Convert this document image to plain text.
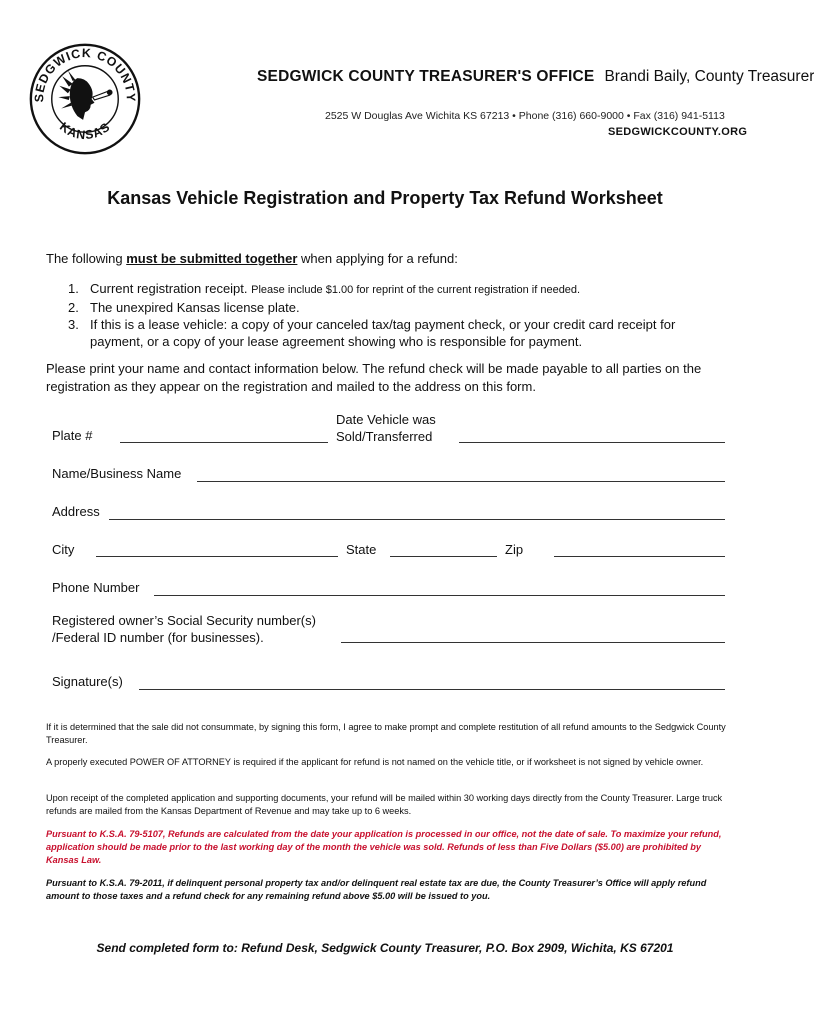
SEDGWICK COUNTY
KANSAS
SEDGWICK COUNTY TREASURER'S OFFICE Brandi Baily, County Treasurer
2525 W Douglas Ave Wichita KS 67213 • Phone (316) 660-9000 • Fax (316) 941-5113
SEDGWICKCOUNTY.ORG
Kansas Vehicle Registration and Property Tax Refund Worksheet
The following must be submitted together when applying for a refund:
1. Current registration receipt. Please include $1.00 for reprint of the current registration if needed.
2. The unexpired Kansas license plate.
3. If this is a lease vehicle: a copy of your canceled tax/tag payment check, or your credit card receipt for payment, or a copy of your lease agreement showing who is responsible for payment.
Please print your name and contact information below. The refund check will be made payable to all parties on the registration as they appear on the registration and mailed to the address on this form.
Plate #
Date Vehicle was
Sold/Transferred
Name/Business Name
Address
City	State	Zip
Phone Number
Registered owner’s Social Security number(s)
/Federal ID number (for businesses).
Signature(s)
If it is determined that the sale did not consummate, by signing this form, I agree to make prompt and complete restitution of all refund amounts to the Sedgwick County Treasurer.
A properly executed POWER OF ATTORNEY is required if the applicant for refund is not named on the vehicle title, or if worksheet is not signed by vehicle owner.
Upon receipt of the completed application and supporting documents, your refund will be mailed within 30 working days directly from the County Treasurer. Large truck refunds are mailed from the Kansas Department of Revenue and may take up to 6 weeks.
Pursuant to K.S.A. 79-5107, Refunds are calculated from the date your application is processed in our office, not the date of sale. To maximize your refund, application should be made prior to the last working day of the month the vehicle was sold. Refunds of less than Five Dollars ($5.00) are prohibited by Kansas Law.
Pursuant to K.S.A. 79-2011, if delinquent personal property tax and/or delinquent real estate tax are due, the County Treasurer’s Office will apply refund amount to those taxes and a refund check for any remaining refund above $5.00 will be issued to you.
Send completed form to: Refund Desk, Sedgwick County Treasurer, P.O. Box 2909, Wichita, KS 67201
